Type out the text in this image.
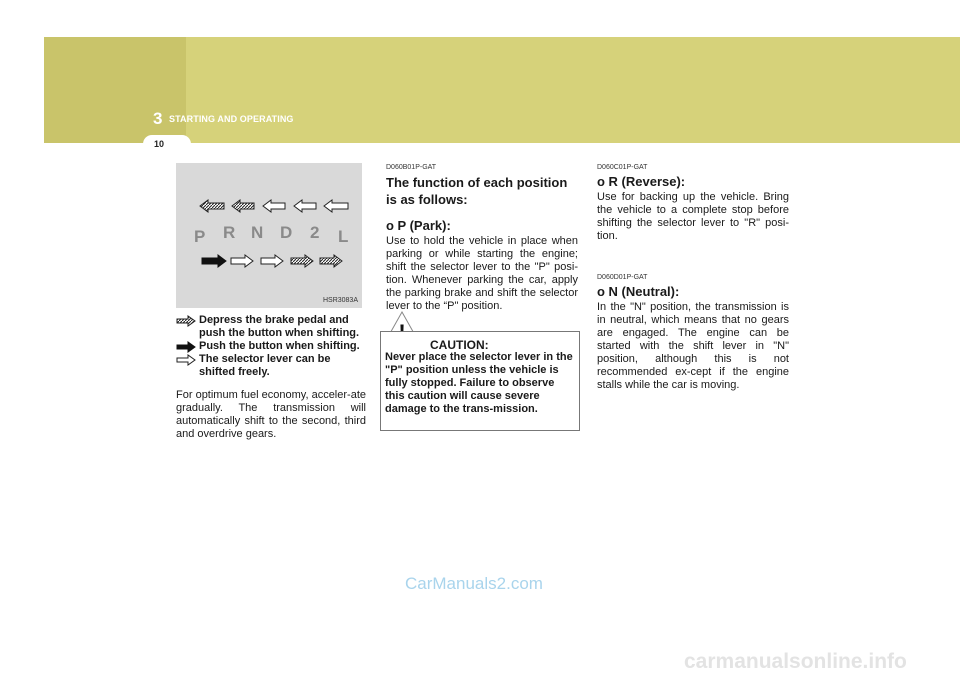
3 STARTING AND OPERATING
10
P R N D 2 L
HSR3083A
Depress the brake pedal and push the button when shifting.
Push the button when shifting.
The selector lever can be shifted freely.
For optimum fuel economy, acceler-ate gradually. The transmission will automatically shift to the second, third and overdrive gears.

D060B01P-GAT

The function of each position is as follows:

o P (Park):

Use to hold the vehicle in place when parking or while starting the engine; shift the selector lever to the "P" posi-tion. Whenever parking the car, apply the parking brake and shift the selector lever to the “P" position.

CAUTION:
Never place the selector lever in the "P" position unless the vehicle is fully stopped. Failure to observe this caution will cause severe damage to the trans-mission.

D060C01P-GAT

o R (Reverse):

Use for backing up the vehicle. Bring the vehicle to a complete stop before shifting the selector lever to "R" posi-tion.

D060D01P-GAT

o N (Neutral):

In the "N" position, the transmission is in neutral, which means that no gears are engaged. The engine can be started with the shift lever in "N" position, although this is not recommended ex-cept if the engine stalls while the car is moving.

CarManuals2.com
carmanualsonline.info
